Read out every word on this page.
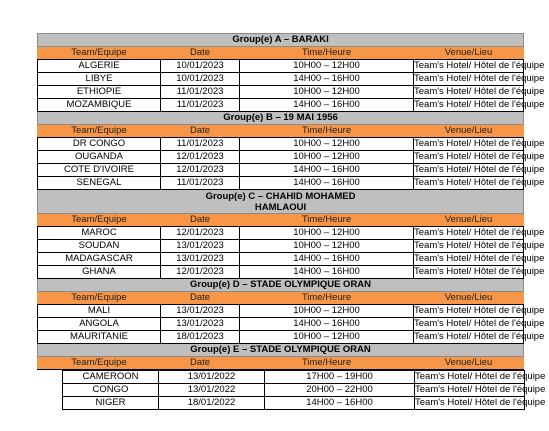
Group(e) A – BARAKI			
Team/Equipe	Date	Time/Heure	Venue/Lieu
ALGERIE	10/01/2023	10H00 – 12H00	Team's Hotel/ Hôtel de l'équipe
LIBYE	10/01/2023	14H00 – 16H00	Team's Hotel/ Hôtel de l'équipe
ETHIOPIE	11/01/2023	10H00 – 12H00	Team's Hotel/ Hôtel de l'équipe
MOZAMBIQUE	11/01/2023	14H00 – 16H00	Team's Hotel/ Hôtel de l'équipe
Group(e) B – 19 MAI 1956			
Team/Equipe	Date	Time/Heure	Venue/Lieu
DR CONGO	11/01/2023	10H00 – 12H00	Team's Hotel/ Hôtel de l'équipe
OUGANDA	12/01/2023	10H00 – 12H00	Team's Hotel/ Hôtel de l'équipe
COTE D'IVOIRE	12/01/2023	14H00 – 16H00	Team's Hotel/ Hôtel de l'équipe
SENEGAL	11/01/2023	14H00 – 16H00	Team's Hotel/ Hôtel de l'équipe
Group(e) C – CHAHID MOHAMED
HAMLAOUI			
Team/Equipe	Date	Time/Heure	Venue/Lieu
MAROC	12/01/2023	10H00 – 12H00	Team's Hotel/ Hôtel de l'équipe
SOUDAN	13/01/2023	10H00 – 12H00	Team's Hotel/ Hôtel de l'équipe
MADAGASCAR	13/01/2023	14H00 – 16H00	Team's Hotel/ Hôtel de l'équipe
GHANA	12/01/2023	14H00 – 16H00	Team's Hotel/ Hôtel de l'équipe
Group(e) D – STADE OLYMPIQUE ORAN			
Team/Equipe	Date	Time/Heure	Venue/Lieu
MALI	13/01/2023	10H00 – 12H00	Team's Hotel/ Hôtel de l'équipe
ANGOLA	13/01/2023	14H00 – 16H00	Team's Hotel/ Hôtel de l'équipe
MAURITANIE	18/01/2023	10H00 – 12H00	Team's Hotel/ Hôtel de l'équipe
Group(e) E – STADE OLYMPIQUE ORAN			
Team/Equipe	Date	Time/Heure	Venue/Lieu
CAMEROON	13/01/2022	17H00 – 19H00	Team's Hotel/ Hôtel de l'équipe
CONGO	13/01/2022	20H00 – 22H00	Team's Hotel/ Hôtel de l'équipe
NIGER	18/01/2022	14H00 – 16H00	Team's Hotel/ Hôtel de l'équipe
